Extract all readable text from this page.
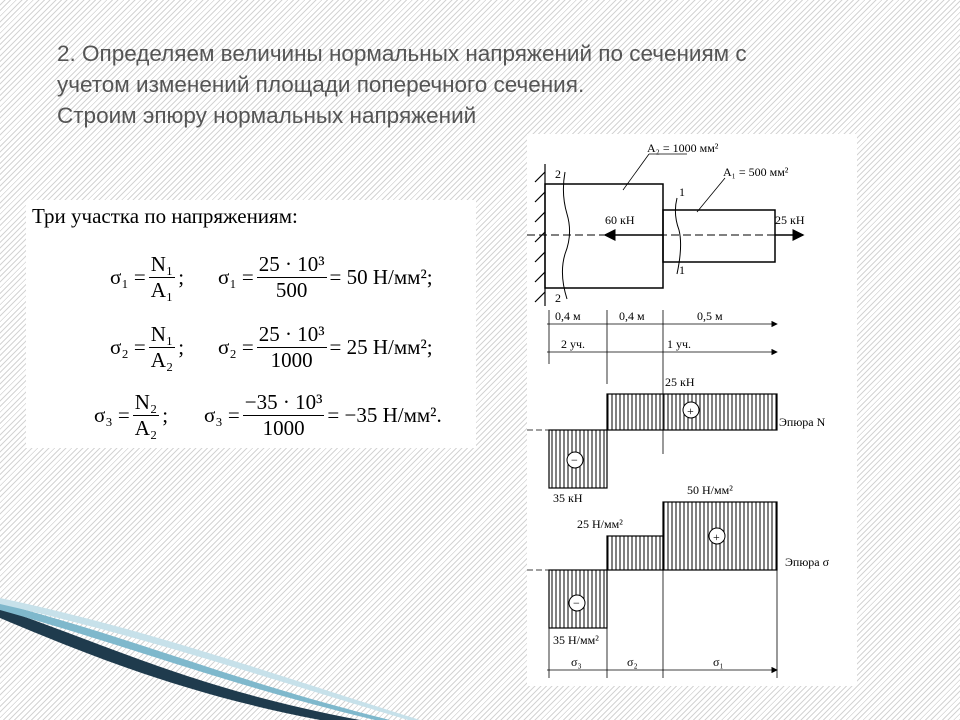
2. Определяем величины нормальных напряжений по сечениям с
учетом изменений площади поперечного сечения.
Строим эпюру нормальных напряжений
Три участка по напряжениям:
$\sigma_1 = \frac{\text{N₁}}{\text{A₁}}$ ; $\sigma_1 = \frac{\text{25 · 10³}}{500} = 50$ Н/мм²;
$\sigma_2 = \frac{\text{N₁}}{\text{A₂}}$ ; $\sigma_2 = \frac{\text{25 · 10³}}{1000} = 25$ Н/мм²;
$\sigma_3 = \frac{\text{N₂}}{\text{A₂}}$ ; $\sigma_3 = \frac{\text{−35 · 10³}}{1000} = -35$ Н/мм².
2
2
1
1
A₂ = 1000 мм²
A₁ = 500 мм²
60 кН	25 кН
0,4 м	0,4 м	0,5 м
2 уч.	1 уч.
+
−
25 кН
35 кН
Эпюра N
+
−
50 Н/мм²
25 Н/мм²
35 Н/мм²
Эпюра σ
σ₃	σ₂	σ₁
